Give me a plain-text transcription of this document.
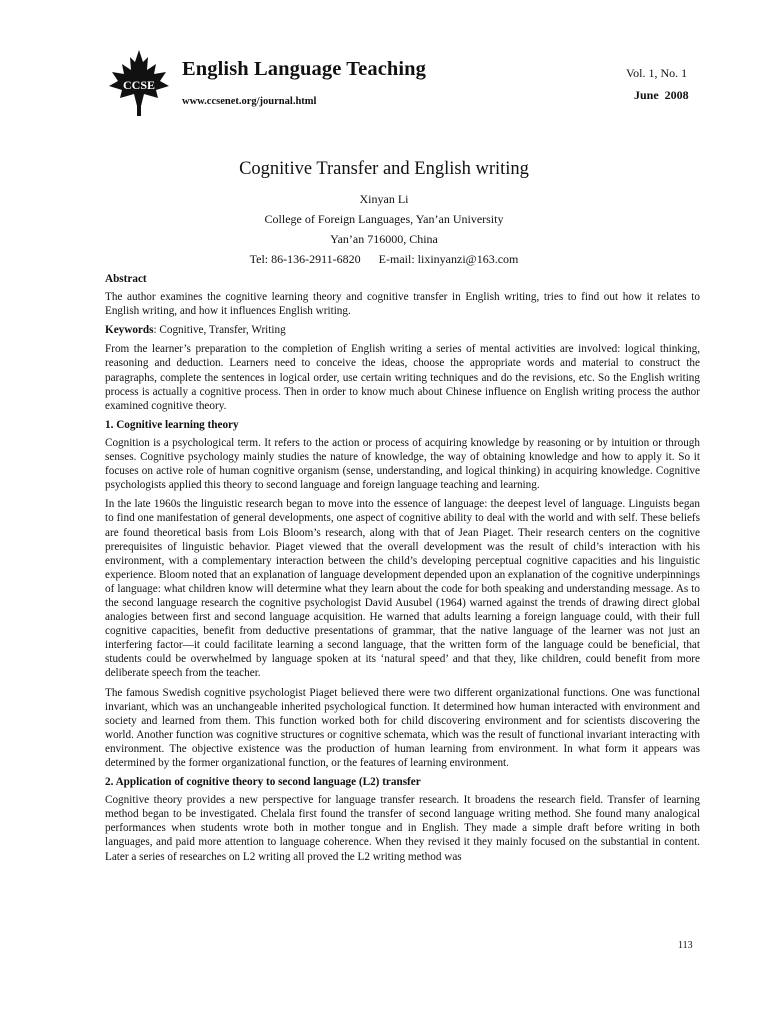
CCSE
English Language Teaching
www.ccsenet.org/journal.html
Vol. 1, No. 1
June  2008
Cognitive Transfer and English writing
Xinyan Li
College of Foreign Languages, Yan’an University
Yan’an 716000, China
Tel: 86-136-2911-6820      E-mail: lixinyanzi@163.com
Abstract

The author examines the cognitive learning theory and cognitive transfer in English writing, tries to find out how it relates to English writing, and how it influences English writing.

Keywords: Cognitive, Transfer, Writing

From the learner’s preparation to the completion of English writing a series of mental activities are involved: logical thinking, reasoning and deduction. Learners need to conceive the ideas, choose the appropriate words and material to construct the paragraphs, complete the sentences in logical order, use certain writing techniques and do the revisions, etc. So the English writing process is actually a cognitive process. Then in order to know much about Chinese influence on English writing process the author examined cognitive theory.

1. Cognitive learning theory

Cognition is a psychological term. It refers to the action or process of acquiring knowledge by reasoning or by intuition or through senses. Cognitive psychology mainly studies the nature of knowledge, the way of obtaining knowledge and how to apply it. So it focuses on active role of human cognitive organism (sense, understanding, and logical thinking) in acquiring knowledge. Cognitive psychologists applied this theory to second language and foreign language teaching and learning.

In the late 1960s the linguistic research began to move into the essence of language: the deepest level of language. Linguists began to find one manifestation of general developments, one aspect of cognitive ability to deal with the world and with self. These beliefs are found theoretical basis from Lois Bloom’s research, along with that of Jean Piaget. Their research centers on the cognitive prerequisites of linguistic behavior. Piaget viewed that the overall development was the result of child’s interaction with his environment, with a complementary interaction between the child’s developing perceptual cognitive capacities and his linguistic experience. Bloom noted that an explanation of language development depended upon an explanation of the cognitive underpinnings of language: what children know will determine what they learn about the code for both speaking and understanding message. As to the second language research the cognitive psychologist David Ausubel (1964) warned against the trends of drawing direct global analogies between first and second language acquisition. He warned that adults learning a foreign language could, with their full cognitive capacities, benefit from deductive presentations of grammar, that the native language of the learner was not just an interfering factor—it could facilitate learning a second language, that the written form of the language could be beneficial, that students could be overwhelmed by language spoken at its ‘natural speed’ and that they, like children, could benefit from more deliberate speech from the teacher.

The famous Swedish cognitive psychologist Piaget believed there were two different organizational functions. One was functional invariant, which was an unchangeable inherited psychological function. It determined how human interacted with environment and society and learned from them. This function worked both for child discovering environment and for scientists discovering the world. Another function was cognitive structures or cognitive schemata, which was the result of functional invariant interacting with environment. The objective existence was the production of human learning from environment. In what form it appears was determined by the former organizational function, or the features of learning environment.

2. Application of cognitive theory to second language (L2) transfer

Cognitive theory provides a new perspective for language transfer research. It broadens the research field. Transfer of learning method began to be investigated. Chelala first found the transfer of second language writing method. She found many analogical performances when students wrote both in mother tongue and in English. They made a simple draft before writing in both languages, and paid more attention to language coherence. When they revised it they mainly focused on the substantial in content. Later a series of researches on L2 writing all proved the L2 writing method was

113
